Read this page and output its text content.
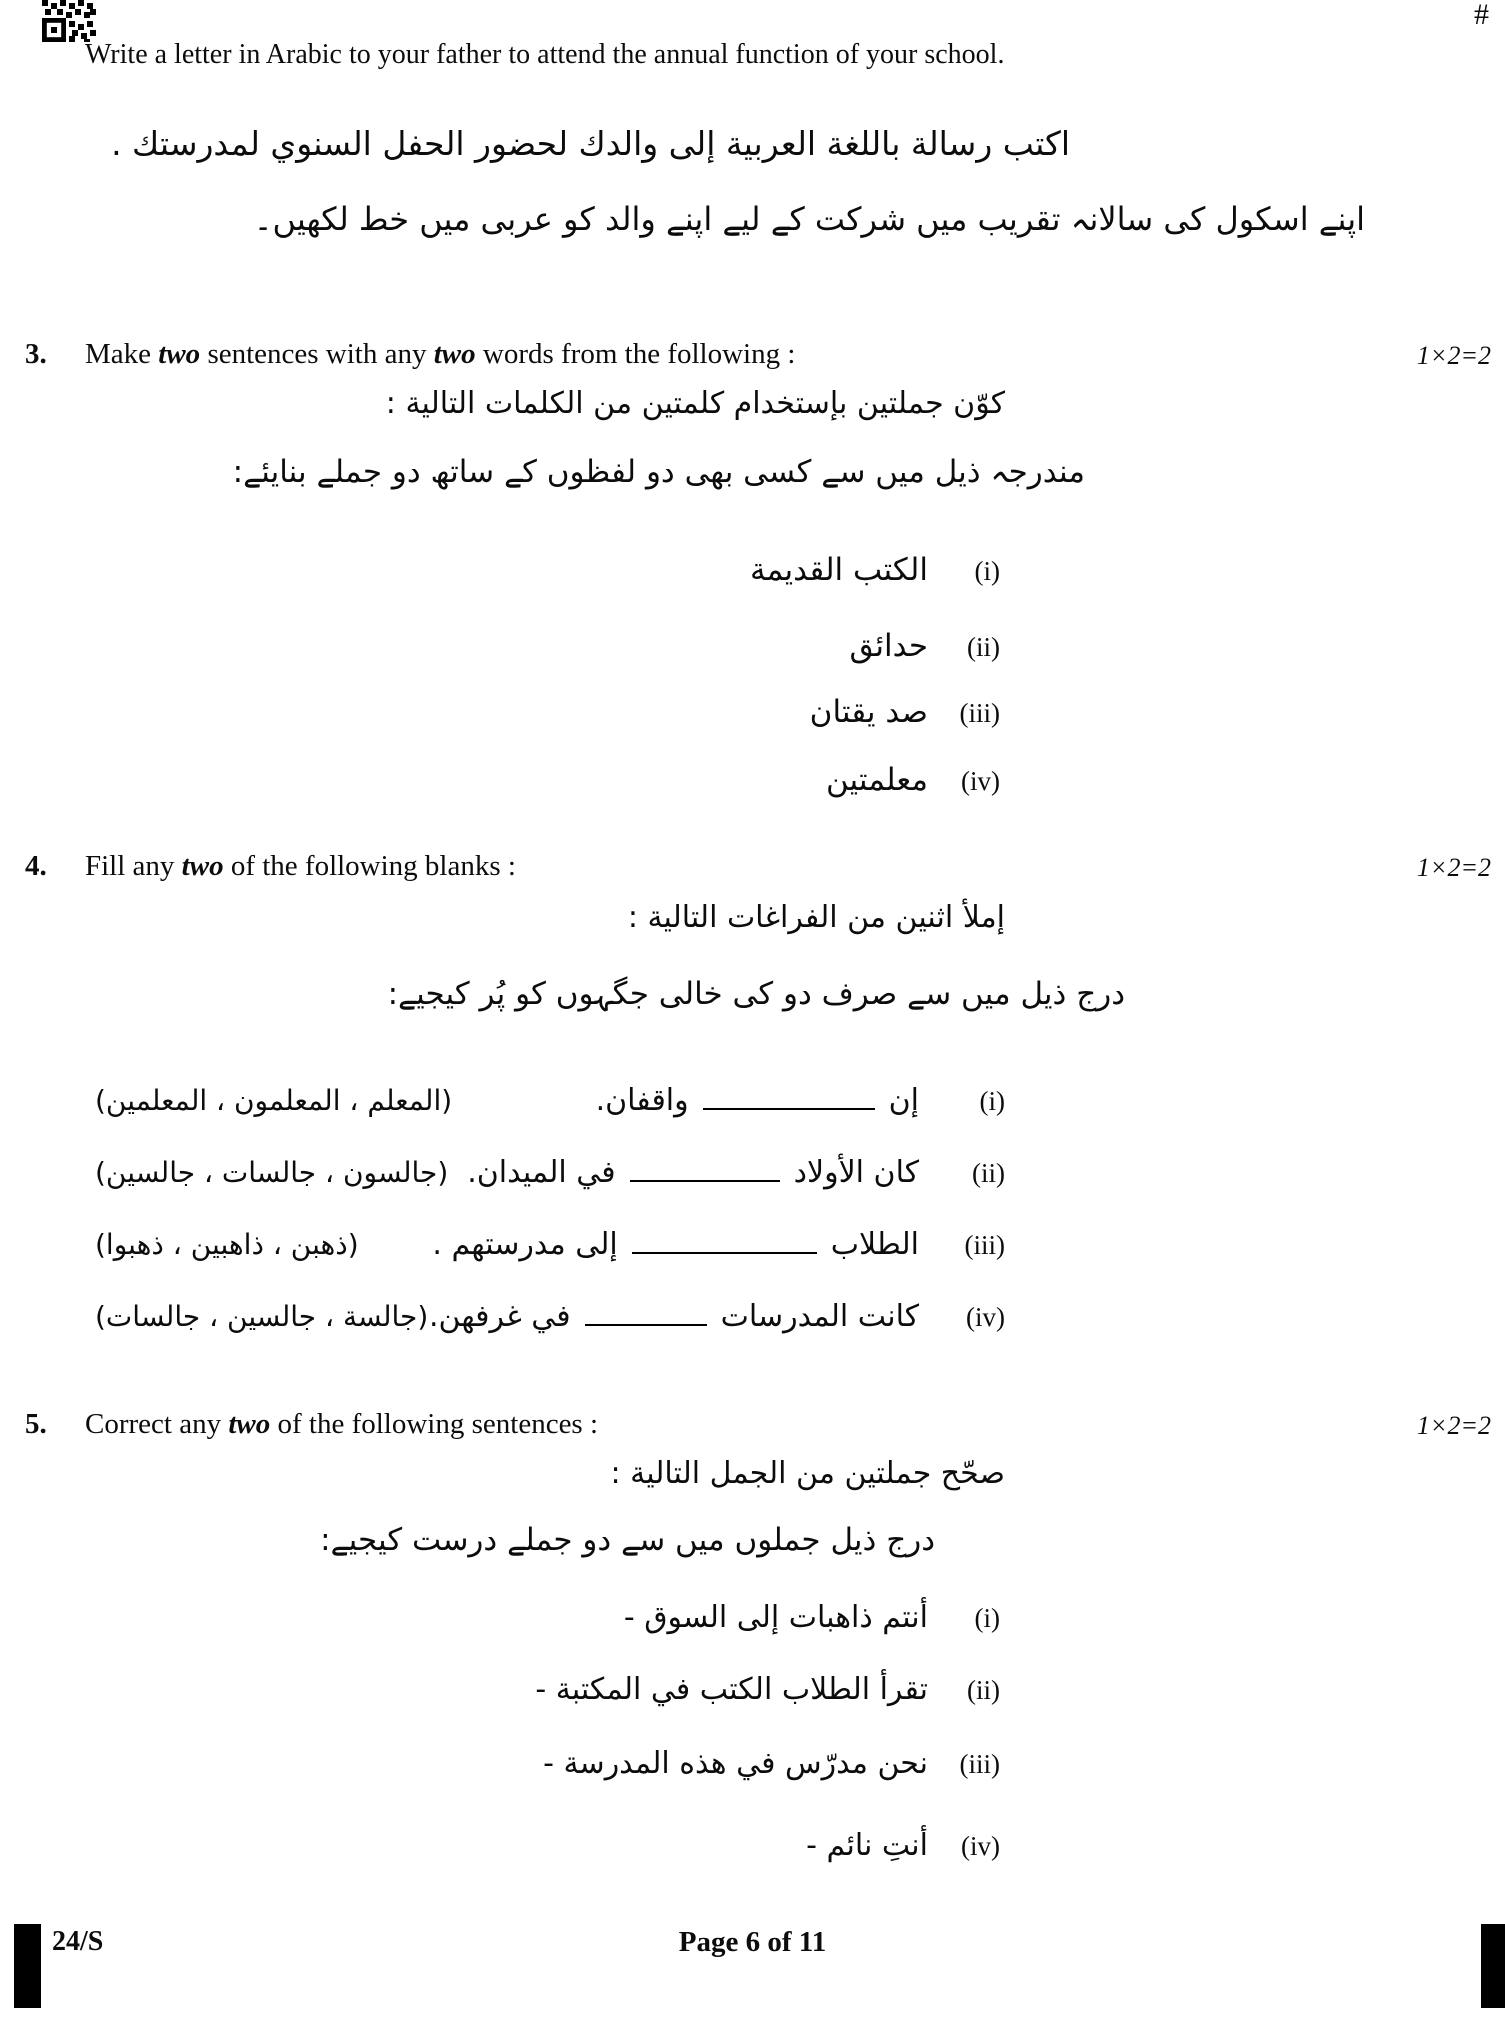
#
Write a letter in Arabic to your father to attend the annual function of your school.
اكتب رسالة باللغة العربية إلى والدك لحضور الحفل السنوي لمدرستك .
اپنے اسکول کی سالانہ تقریب میں شرکت کے لیے اپنے والد کو عربی میں خط لکھیں۔
3. Make two sentences with any two words from the following :	1×2=2
كوّن جملتين بإستخدام كلمتين من الكلمات التالية :
مندرجہ ذیل میں سے کسی بھی دو لفظوں کے ساتھ دو جملے بنایئے:
(i)
الكتب القديمة
(ii)
حدائق
(iii)
صد يقتان
(iv)
معلمتين
4. Fill any two of the following blanks :	1×2=2
إملأ اثنين من الفراغات التالية :
درج ذیل میں سے صرف دو کی خالی جگہوں کو پُر کیجیے:
(i)
إن
واقفان.
(المعلم ، المعلمون ، المعلمين)
(ii)
كان الأولاد
في الميدان.
(جالسون ، جالسات ، جالسين)
(iii)
الطلاب
إلى مدرستهم .
(ذهبن ، ذاهبين ، ذهبوا)
(iv)
كانت المدرسات
في غرفهن.
(جالسة ، جالسين ، جالسات)
5. Correct any two of the following sentences :	1×2=2
صحّح جملتين من الجمل التالية :
درج ذیل جملوں میں سے دو جملے درست کیجیے:
(i)
أنتم ذاهبات إلى السوق -
(ii)
تقرأ الطلاب الكتب في المكتبة -
(iii)
نحن مدرّس في هذه المدرسة -
(iv)
أنتِ نائم -
24/S	Page 6 of 11
